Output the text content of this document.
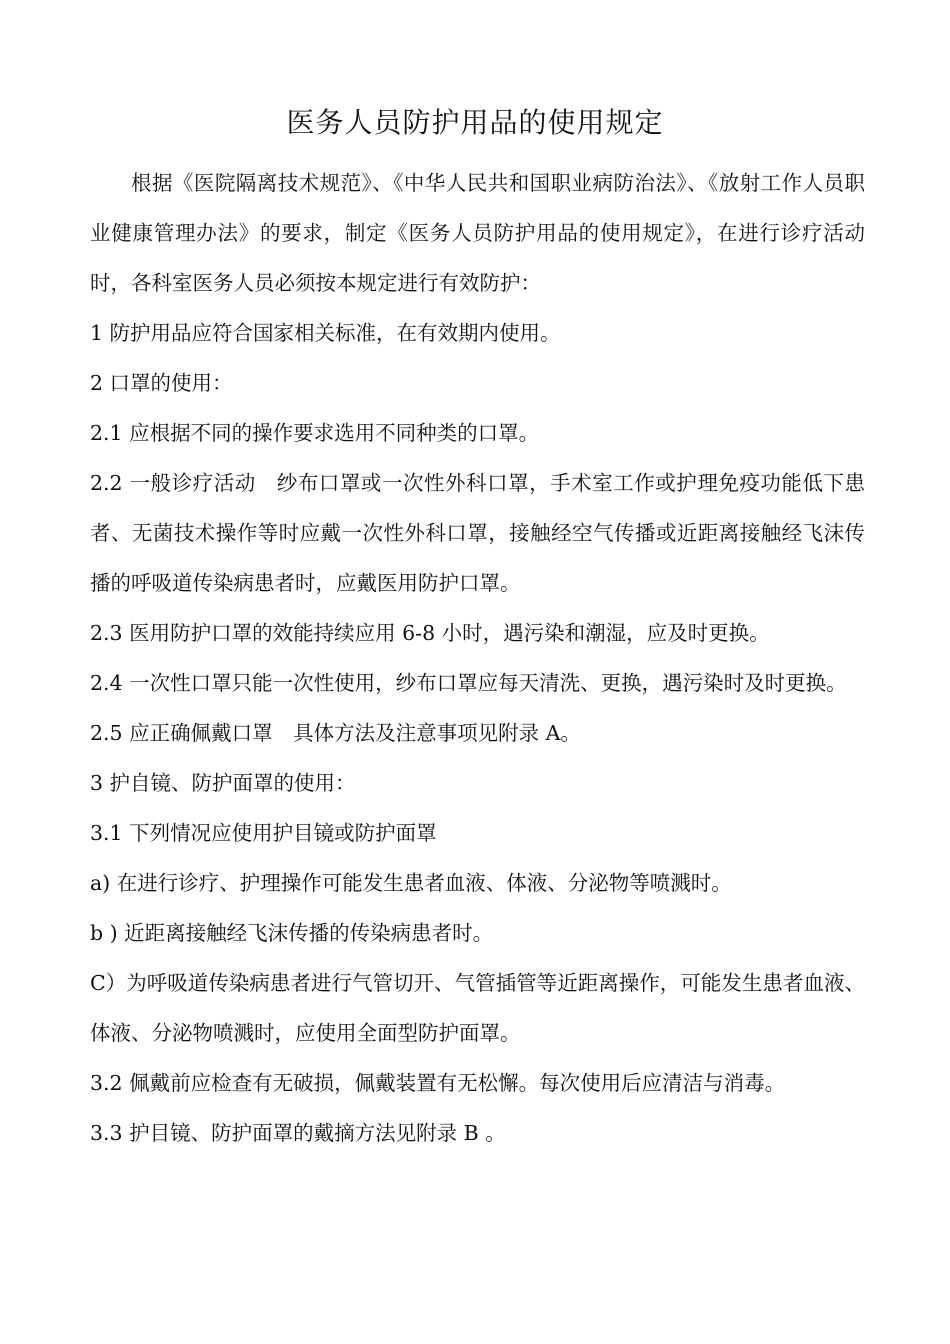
医务人员防护用品的使用规定

根据《医院隔离技术规范》、《中华人民共和国职业病防治法》、《放射工作人员职业健康管理办法》的要求，制定《医务人员防护用品的使用规定》，在进行诊疗活动时，各科室医务人员必须按本规定进行有效防护：

1 防护用品应符合国家相关标准，在有效期内使用。

2 口罩的使用：

2.1 应根据不同的操作要求选用不同种类的口罩。

2.2 一般诊疗活动　纱布口罩或一次性外科口罩，手术室工作或护理免疫功能低下患者、无菌技术操作等时应戴一次性外科口罩，接触经空气传播或近距离接触经飞沫传播的呼吸道传染病患者时，应戴医用防护口罩。

2.3 医用防护口罩的效能持续应用 6-8 小时，遇污染和潮湿，应及时更换。

2.4 一次性口罩只能一次性使用，纱布口罩应每天清洗、更换，遇污染时及时更换。

2.5 应正确佩戴口罩　具体方法及注意事项见附录 A。

3 护自镜、防护面罩的使用：

3.1 下列情况应使用护目镜或防护面罩

a) 在进行诊疗、护理操作可能发生患者血液、体液、分泌物等喷溅时。

b ) 近距离接触经飞沫传播的传染病患者时。

C）为呼吸道传染病患者进行气管切开、气管插管等近距离操作，可能发生患者血液、体液、分泌物喷溅时，应使用全面型防护面罩。

3.2 佩戴前应检查有无破损，佩戴装置有无松懈。每次使用后应清洁与消毒。

3.3 护目镜、防护面罩的戴摘方法见附录 B 。
